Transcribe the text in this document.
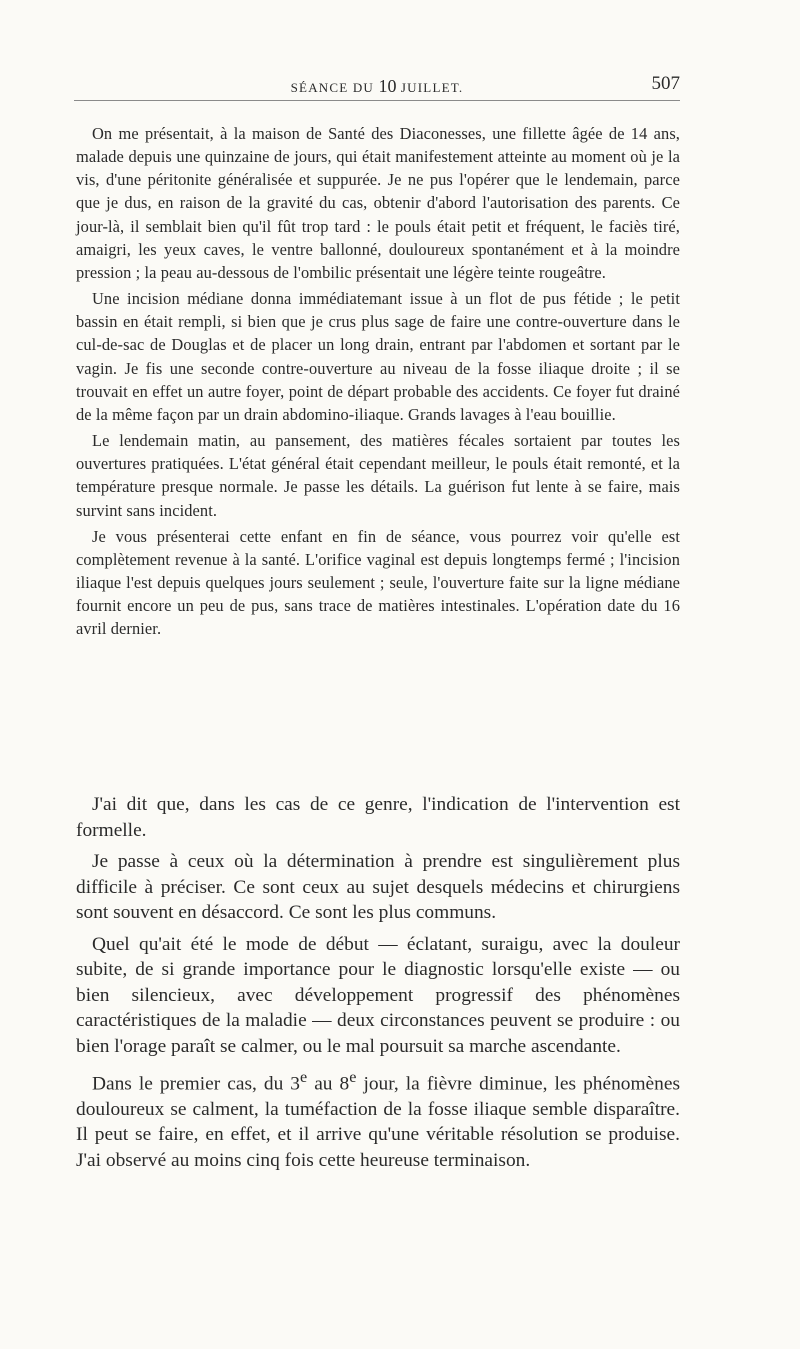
SÉANCE DU 10 JUILLET.	507

On me présentait, à la maison de Santé des Diaconesses, une fillette âgée de 14 ans, malade depuis une quinzaine de jours, qui était manifestement atteinte au moment où je la vis, d'une péritonite généralisée et suppurée. Je ne pus l'opérer que le lendemain, parce que je dus, en raison de la gravité du cas, obtenir d'abord l'autorisation des parents. Ce jour-là, il semblait bien qu'il fût trop tard : le pouls était petit et fréquent, le faciès tiré, amaigri, les yeux caves, le ventre ballonné, douloureux spontanément et à la moindre pression ; la peau au-dessous de l'ombilic présentait une légère teinte rougeâtre.

Une incision médiane donna immédiatemant issue à un flot de pus fétide ; le petit bassin en était rempli, si bien que je crus plus sage de faire une contre-ouverture dans le cul-de-sac de Douglas et de placer un long drain, entrant par l'abdomen et sortant par le vagin. Je fis une seconde contre-ouverture au niveau de la fosse iliaque droite ; il se trouvait en effet un autre foyer, point de départ probable des accidents. Ce foyer fut drainé de la même façon par un drain abdomino-iliaque. Grands lavages à l'eau bouillie.

Le lendemain matin, au pansement, des matières fécales sortaient par toutes les ouvertures pratiquées. L'état général était cependant meilleur, le pouls était remonté, et la température presque normale. Je passe les détails. La guérison fut lente à se faire, mais survint sans incident.

Je vous présenterai cette enfant en fin de séance, vous pourrez voir qu'elle est complètement revenue à la santé. L'orifice vaginal est depuis longtemps fermé ; l'incision iliaque l'est depuis quelques jours seulement ; seule, l'ouverture faite sur la ligne médiane fournit encore un peu de pus, sans trace de matières intestinales. L'opération date du 16 avril dernier.

J'ai dit que, dans les cas de ce genre, l'indication de l'intervention est formelle.

Je passe à ceux où la détermination à prendre est singulièrement plus difficile à préciser. Ce sont ceux au sujet desquels médecins et chirurgiens sont souvent en désaccord. Ce sont les plus communs.

Quel qu'ait été le mode de début — éclatant, suraigu, avec la douleur subite, de si grande importance pour le diagnostic lorsqu'elle existe — ou bien silencieux, avec développement progressif des phénomènes caractéristiques de la maladie — deux circonstances peuvent se produire : ou bien l'orage paraît se calmer, ou le mal poursuit sa marche ascendante.

Dans le premier cas, du 3e au 8e jour, la fièvre diminue, les phénomènes douloureux se calment, la tuméfaction de la fosse iliaque semble disparaître. Il peut se faire, en effet, et il arrive qu'une véritable résolution se produise. J'ai observé au moins cinq fois cette heureuse terminaison.
